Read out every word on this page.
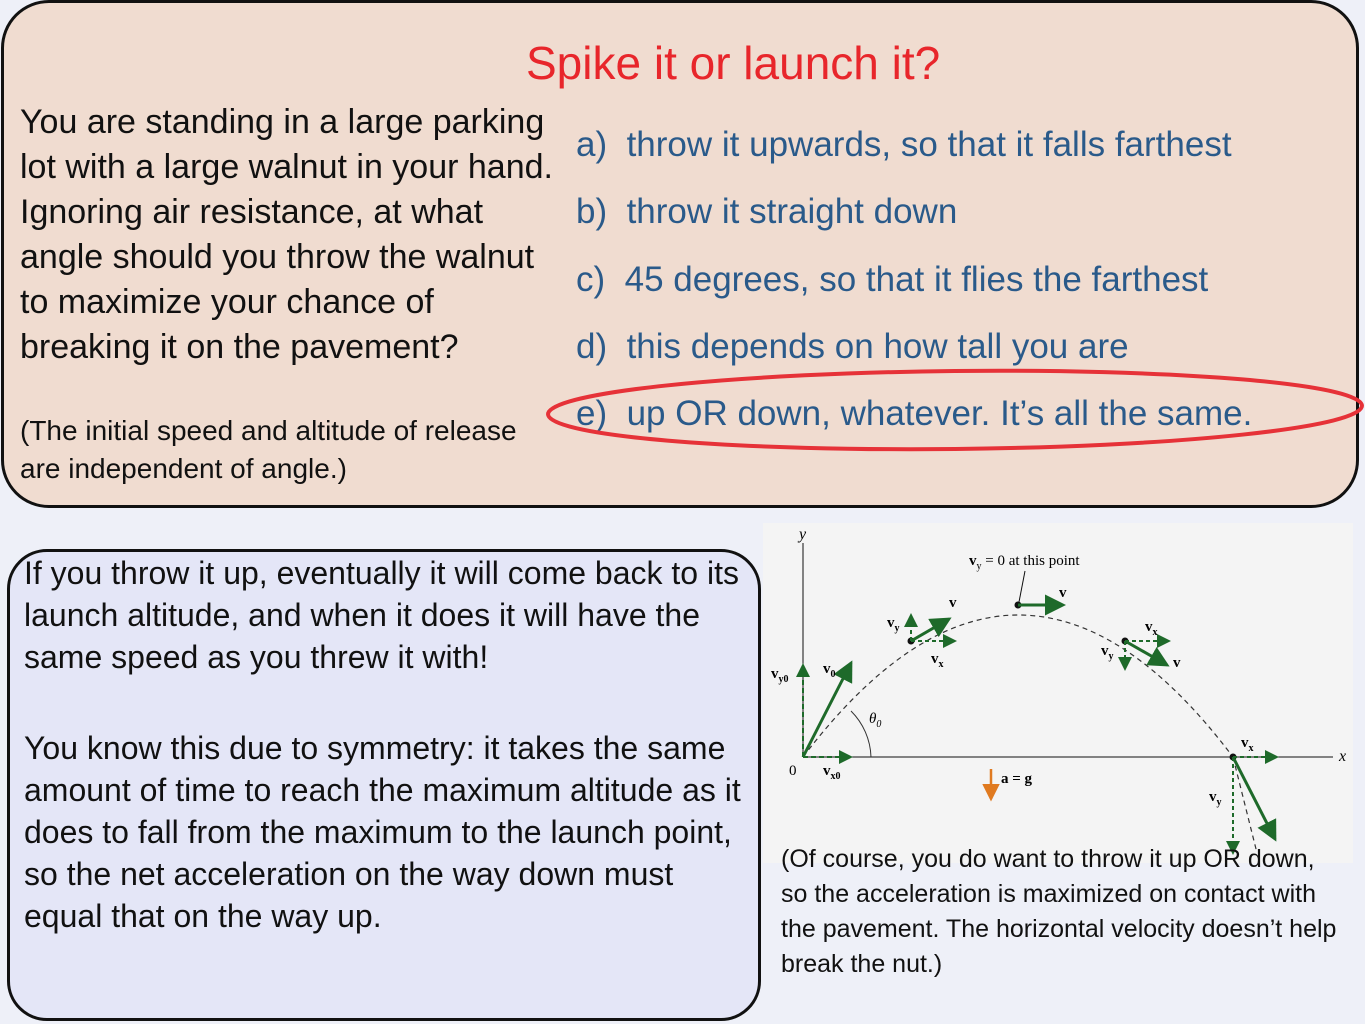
Spike it or launch it?
You are standing in a large parking lot with a large walnut in your hand. Ignoring air resistance, at what angle should you throw the walnut to maximize your chance of breaking it on the pavement?
(The initial speed and altitude of release are independent of angle.)
a) throw it upwards, so that it falls farthest
b) throw it straight down
c) 45 degrees, so that it flies the farthest
d) this depends on how tall you are
e) up OR down, whatever. It’s all the same.
If you throw it up, eventually it will come back to its launch altitude, and when it does it will have the same speed as you threw it with!
You know this due to symmetry: it takes the same amount of time to reach the maximum altitude as it does to fall from the maximum to the launch point, so the net acceleration on the way down must equal that on the way up.
y
x
0
$\theta_0$
$v_0$
$v_{y0}$
$v_{x0}$
v
$v_y$
$v_x$
v
$v_y = 0$ at this point
v
$v_y$
$v_x$
$v_x$
$v_y$
a = g
(Of course, you do want to throw it up OR down, so the acceleration is maximized on contact with the pavement. The horizontal velocity doesn’t help break the nut.)
